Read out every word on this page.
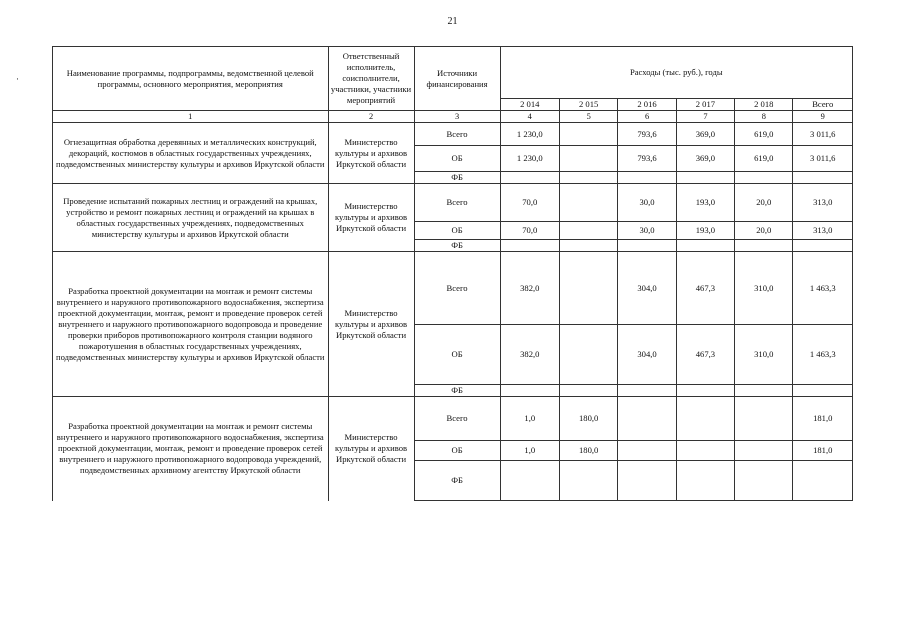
21
·
Наименование программы, подпрограммы, ведомственной целевой программы, основного мероприятия, мероприятия	Ответственный исполнитель, соисполнители, участники, участники мероприятий	Источники финансирования	Расходы (тыс. руб.), годы					
			2 014	2 015	2 016	2 017	2 018	Всего
1	2	3	4	5	6	7	8	9
Огнезащитная обработка деревянных и металлических конструкций, декораций, костюмов в областных государственных учреждениях, подведомственных министерству культуры и архивов Иркутской области	Министерство культуры и архивов Иркутской области	Всего	1 230,0		793,6	369,0	619,0	3 011,6
		ОБ	1 230,0		793,6	369,0	619,0	3 011,6
		ФБ						
Проведение испытаний пожарных лестниц и ограждений на крышах, устройство и ремонт пожарных лестниц и ограждений на крышах в областных государственных учреждениях, подведомственных министерству культуры и архивов Иркутской области	Министерство культуры и архивов Иркутской области	Всего	70,0		30,0	193,0	20,0	313,0
		ОБ	70,0		30,0	193,0	20,0	313,0
		ФБ						
Разработка проектной документации на монтаж и ремонт системы внутреннего и наружного противопожарного водоснабжения, экспертиза проектной документации, монтаж, ремонт и проведение проверок сетей внутреннего и наружного противопожарного водопровода и проведение проверки приборов противопожарного контроля станции водяного пожаротушения в областных государственных учреждениях, подведомственных министерству культуры и архивов Иркутской области	Министерство культуры и архивов Иркутской области	Всего	382,0		304,0	467,3	310,0	1 463,3
		ОБ	382,0		304,0	467,3	310,0	1 463,3
		ФБ						
Разработка проектной документации на монтаж и ремонт системы внутреннего и наружного противопожарного водоснабжения, экспертиза проектной документации, монтаж, ремонт и проведение проверок сетей внутреннего и наружного противопожарного водопровода учреждений, подведомственных архивному агентству Иркутской области	Министерство культуры и архивов Иркутской области	Всего	1,0	180,0				181,0
		ОБ	1,0	180,0				181,0
		ФБ						
